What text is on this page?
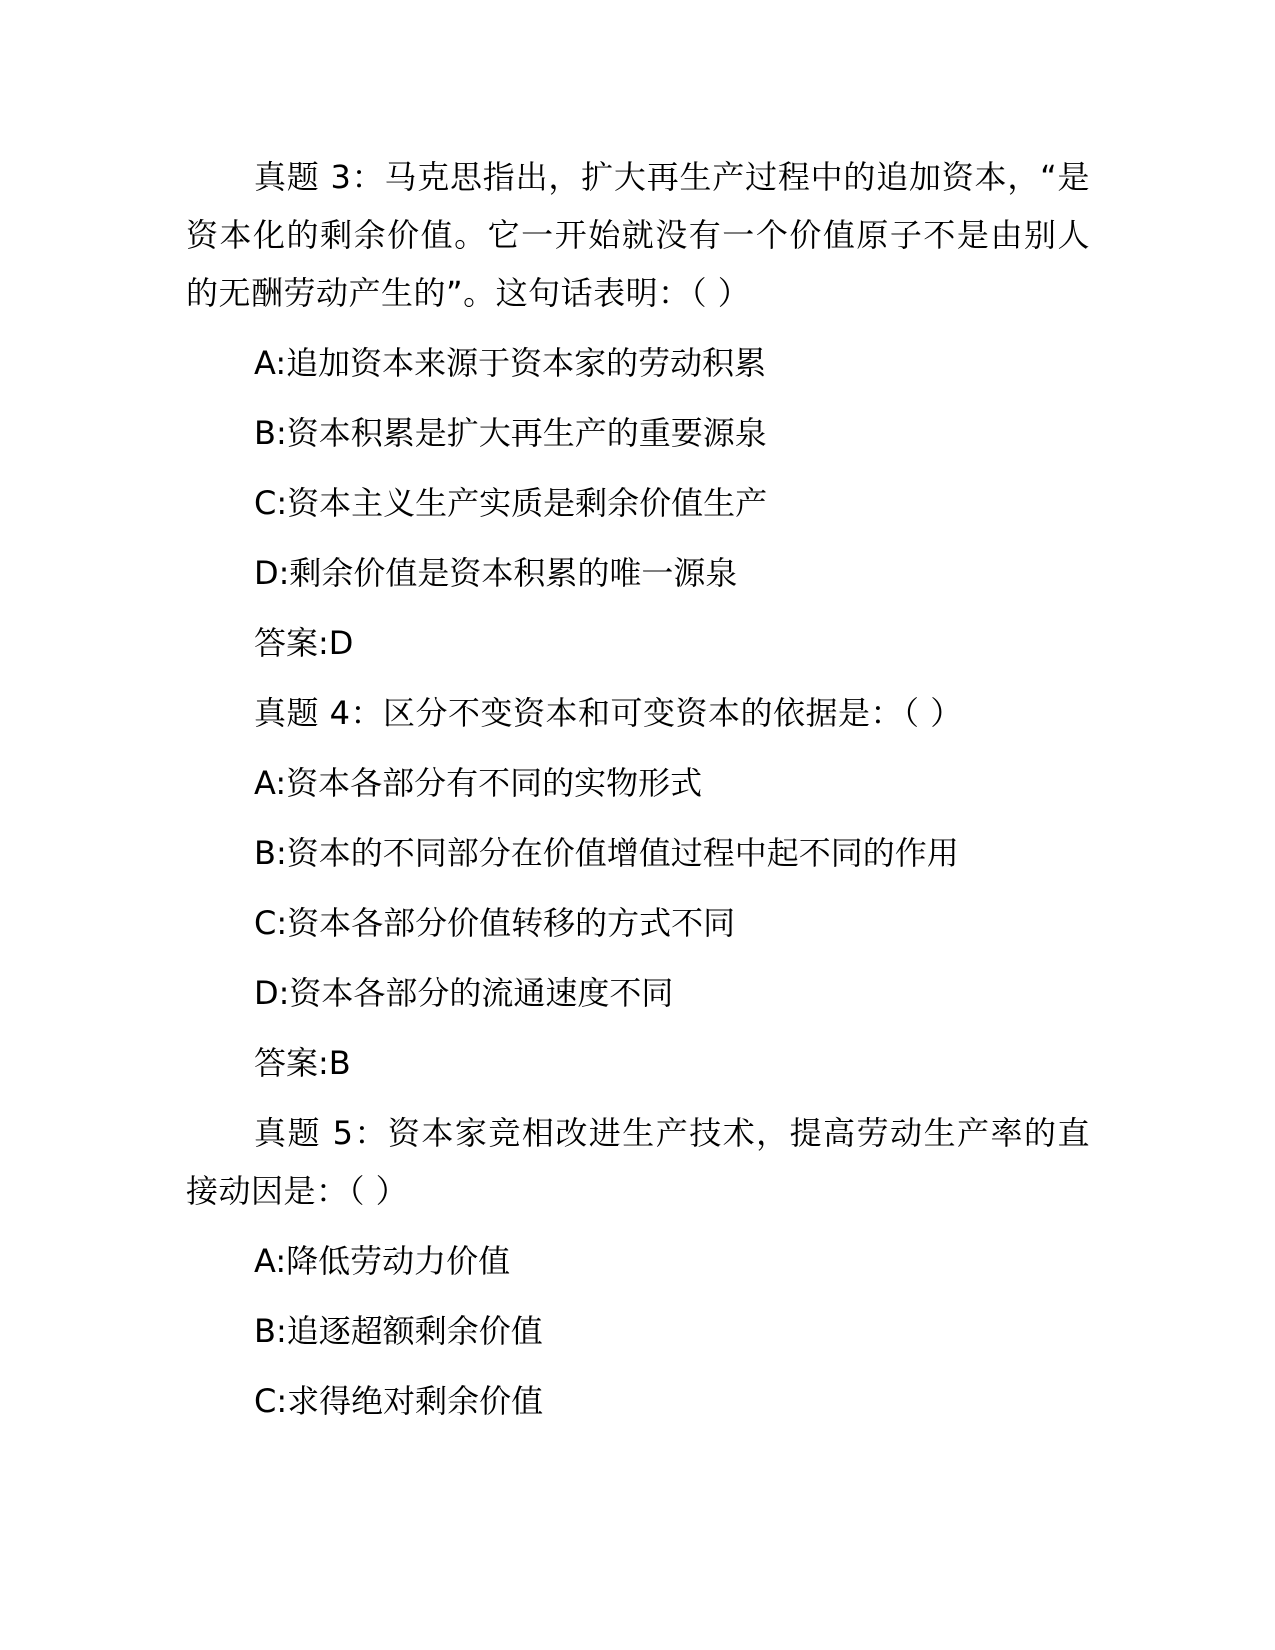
真题 3：马克思指出，扩大再生产过程中的追加资本，“是资本化的剩余价值。它一开始就没有一个价值原子不是由别人的无酬劳动产生的”。这句话表明：（ ）

A:追加资本来源于资本家的劳动积累

B:资本积累是扩大再生产的重要源泉

C:资本主义生产实质是剩余价值生产

D:剩余价值是资本积累的唯一源泉

答案:D

真题 4：区分不变资本和可变资本的依据是：（ ）

A:资本各部分有不同的实物形式

B:资本的不同部分在价值增值过程中起不同的作用

C:资本各部分价值转移的方式不同

D:资本各部分的流通速度不同

答案:B

真题 5：资本家竞相改进生产技术，提高劳动生产率的直接动因是：（ ）

A:降低劳动力价值

B:追逐超额剩余价值

C:求得绝对剩余价值
